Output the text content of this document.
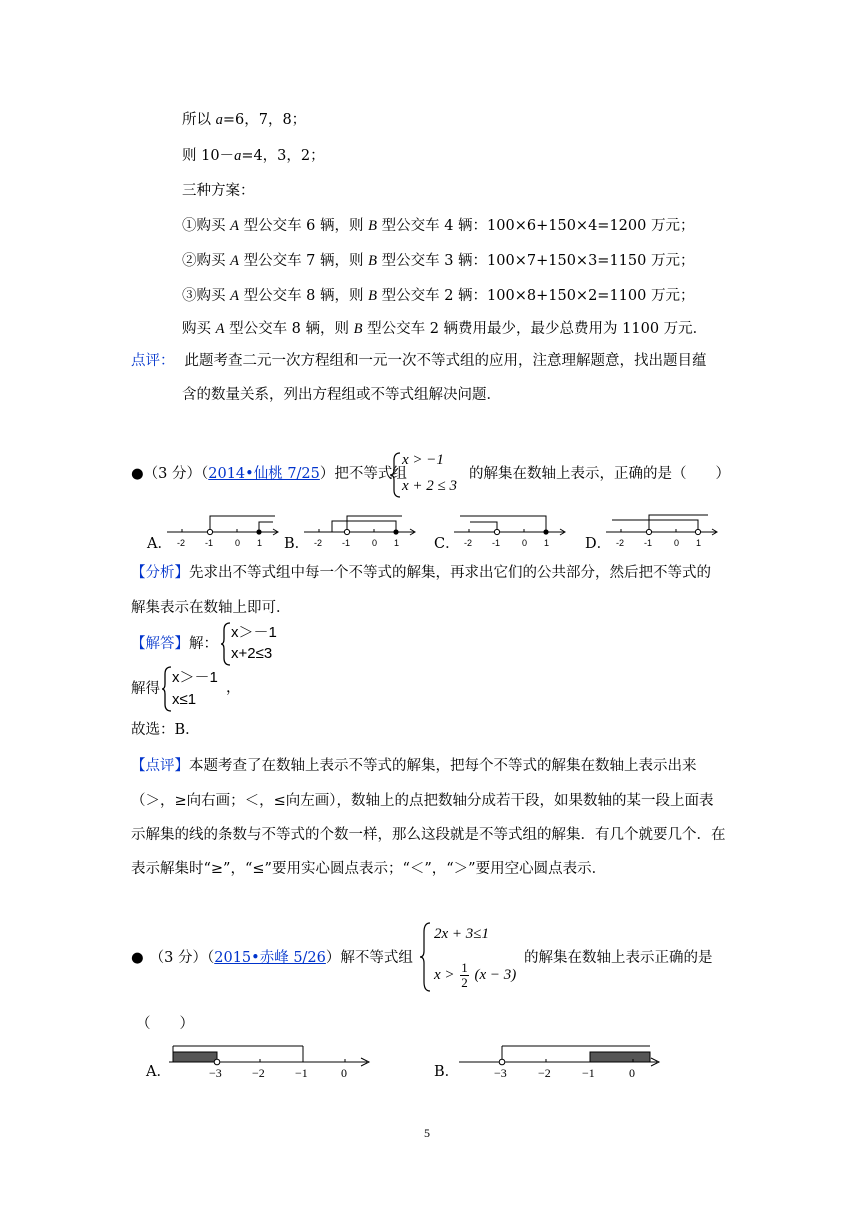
所以 a=6，7，8；
则 10－a=4，3，2；
三种方案：
①购买 A 型公交车 6 辆，则 B 型公交车 4 辆：100×6+150×4=1200 万元；
②购买 A 型公交车 7 辆，则 B 型公交车 3 辆：100×7+150×3=1150 万元；
③购买 A 型公交车 8 辆，则 B 型公交车 2 辆：100×8+150×2=1100 万元；
购买 A 型公交车 8 辆，则 B 型公交车 2 辆费用最少，最少总费用为 1100 万元．
点评： 此题考查二元一次方程组和一元一次不等式组的应用，注意理解题意，找出题目蕴
含的数量关系，列出方程组或不等式组解决问题．
●（3 分）（2014•仙桃 7/25）把不等式组
x > −1
x + 2 ≤ 3
的解集在数轴上表示，正确的是（　　）
A． -2 -1 0 1 B． -2 -1 0 1 C． -2 -1 0 1 D． -2 -1 0 1
【分析】先求出不等式组中每一个不等式的解集，再求出它们的公共部分，然后把不等式的
解集表示在数轴上即可．
【解答】解：
x＞－1
x+2≤3
解得
x＞－1
x≤1
，
故选：B．
【点评】本题考查了在数轴上表示不等式的解集，把每个不等式的解集在数轴上表示出来
（＞，≥向右画；＜，≤向左画），数轴上的点把数轴分成若干段，如果数轴的某一段上面表
示解集的线的条数与不等式的个数一样，那么这段就是不等式组的解集．有几个就要几个．在
表示解集时“≥”，“≤”要用实心圆点表示；“＜”，“＞”要用空心圆点表示．
● （3 分）（2015•赤峰 5/26）解不等式组
2x + 3≤1
$x > \frac{1}{2} (x - 3)$
的解集在数轴上表示正确的是
（　　）
A．	−3	−2	−1	0	B．	−3	−2	−1	0
5
